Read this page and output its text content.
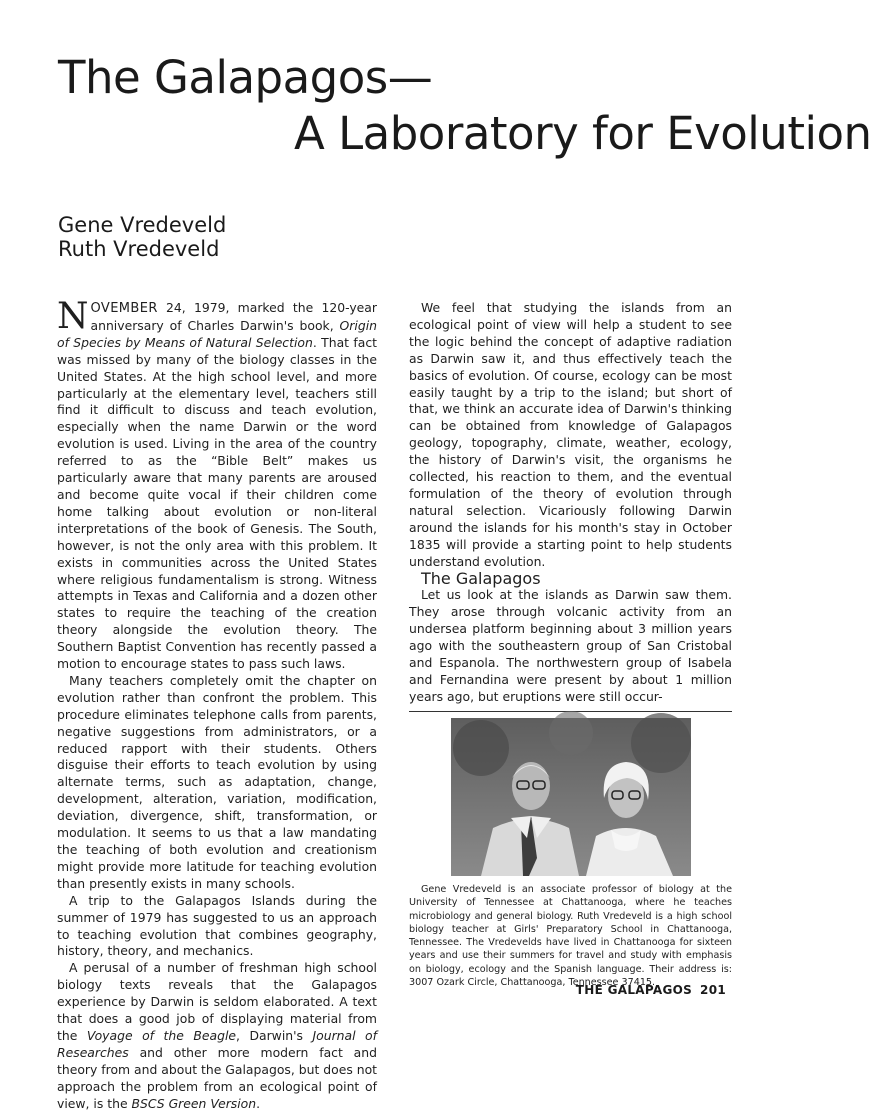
The Galapagos—
A Laboratory for Evolution
Gene Vredeveld
Ruth Vredeveld

NOVEMBER 24, 1979, marked the 120-year anniversary of Charles Darwin's book, Origin of Species by Means of Natural Selection. That fact was missed by many of the biology classes in the United States. At the high school level, and more particularly at the elementary level, teachers still find it difficult to discuss and teach evolution, especially when the name Darwin or the word evolution is used. Living in the area of the country referred to as the “Bible Belt” makes us particularly aware that many parents are aroused and become quite vocal if their children come home talking about evolution or non-literal interpretations of the book of Genesis. The South, however, is not the only area with this problem. It exists in communities across the United States where religious fundamentalism is strong. Witness attempts in Texas and California and a dozen other states to require the teaching of the creation theory alongside the evolution theory. The Southern Baptist Convention has recently passed a motion to encourage states to pass such laws.

Many teachers completely omit the chapter on evolution rather than confront the problem. This procedure eliminates telephone calls from parents, negative suggestions from administrators, or a reduced rapport with their students. Others disguise their efforts to teach evolution by using alternate terms, such as adaptation, change, development, alteration, variation, modification, deviation, divergence, shift, transformation, or modulation. It seems to us that a law mandating the teaching of both evolution and creationism might provide more latitude for teaching evolution than presently exists in many schools.

A trip to the Galapagos Islands during the summer of 1979 has suggested to us an approach to teaching evolution that combines geography, history, theory, and mechanics.

A perusal of a number of freshman high school biology texts reveals that the Galapagos experience by Darwin is seldom elaborated. A text that does a good job of displaying material from the Voyage of the Beagle, Darwin's Journal of Researches and other more modern fact and theory from and about the Galapagos, but does not approach the problem from an ecological point of view, is the BSCS Green Version.

We feel that studying the islands from an ecological point of view will help a student to see the logic behind the concept of adaptive radiation as Darwin saw it, and thus effectively teach the basics of evolution. Of course, ecology can be most easily taught by a trip to the island; but short of that, we think an accurate idea of Darwin's thinking can be obtained from knowledge of Galapagos geology, topography, climate, weather, ecology, the history of Darwin's visit, the organisms he collected, his reaction to them, and the eventual formulation of the theory of evolution through natural selection. Vicariously following Darwin around the islands for his month's stay in October 1835 will provide a starting point to help students understand evolution.

The Galapagos

Let us look at the islands as Darwin saw them. They arose through volcanic activity from an undersea platform beginning about 3 million years ago with the southeastern group of San Cristobal and Espanola. The northwestern group of Isabela and Fernandina were present by about 1 million years ago, but eruptions were still occur-

Gene Vredeveld is an associate professor of biology at the University of Tennessee at Chattanooga, where he teaches microbiology and general biology. Ruth Vredeveld is a high school biology teacher at Girls' Preparatory School in Chattanooga, Tennessee. The Vredevelds have lived in Chattanooga for sixteen years and use their summers for travel and study with emphasis on biology, ecology and the Spanish language. Their address is: 3007 Ozark Circle, Chattanooga, Tennessee 37415.

THE GALAPAGOS 201
